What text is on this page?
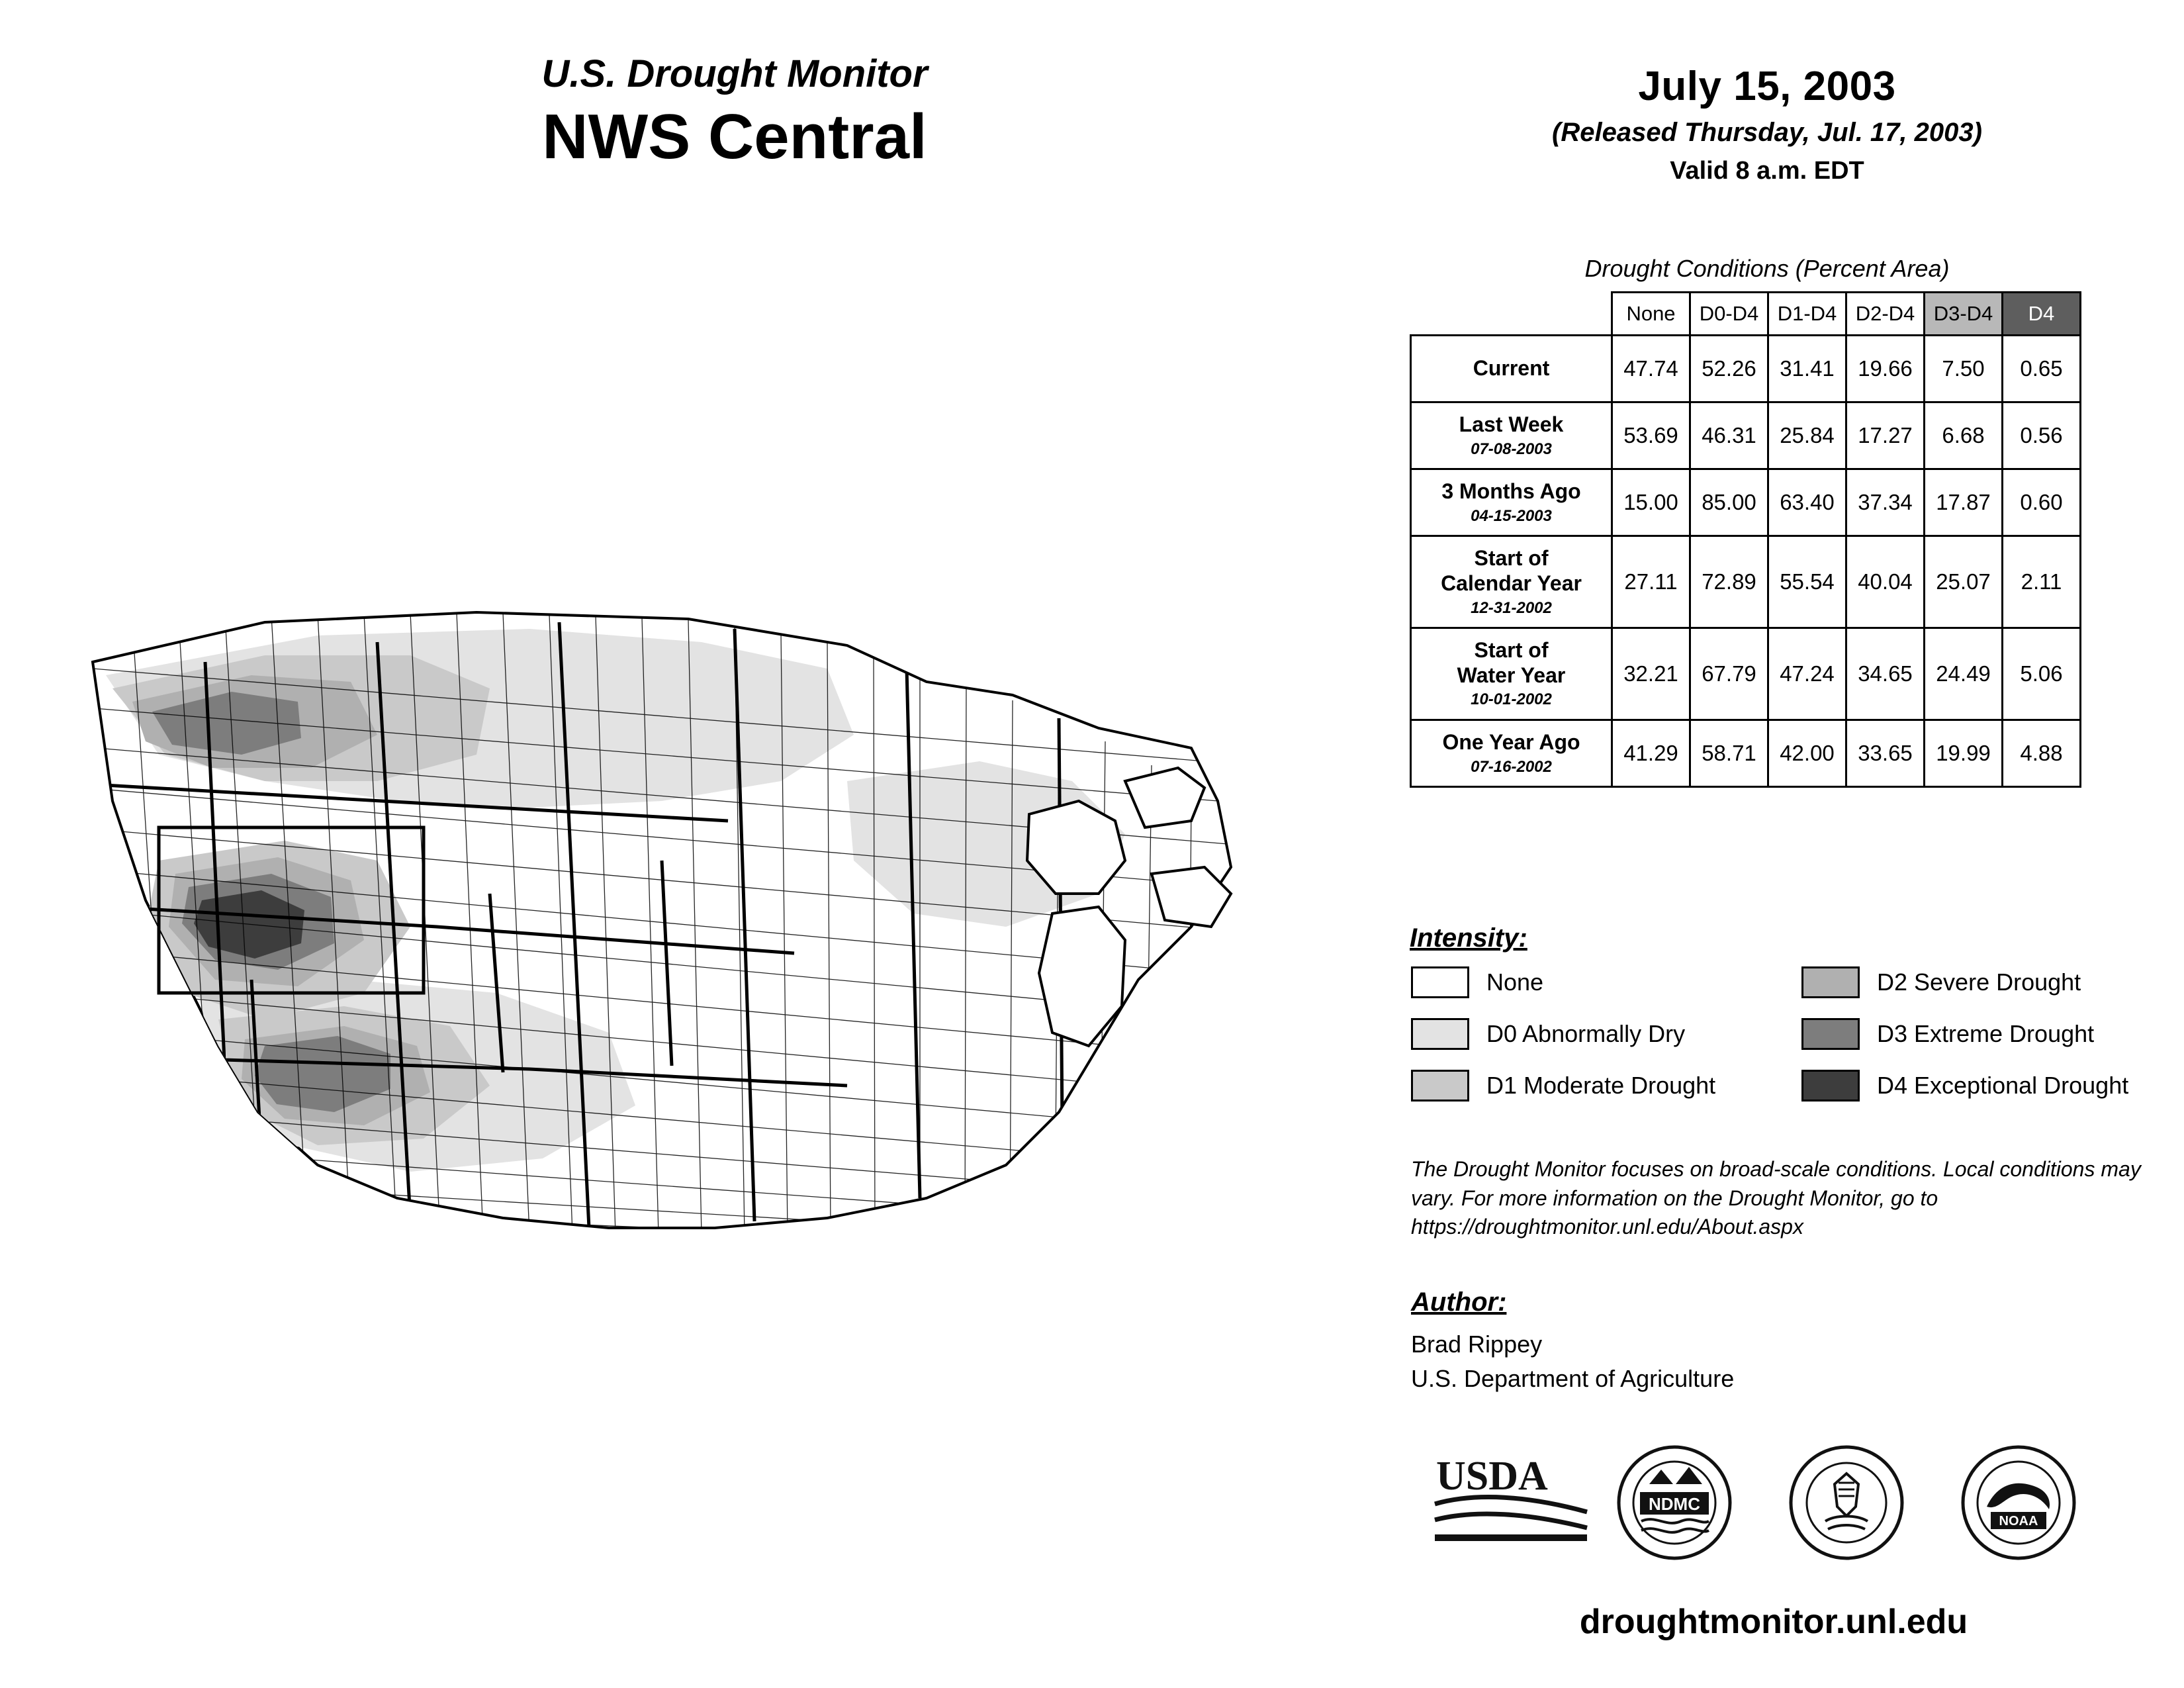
U.S. Drought Monitor
NWS Central
July 15, 2003
(Released Thursday, Jul. 17, 2003)
Valid 8 a.m. EDT
Drought Conditions (Percent Area)
	None	D0-D4	D1-D4	D2-D4	D3-D4	D4

Current	47.74	52.26	31.41	19.66	7.50	0.65

Last Week
07-08-2003	53.69	46.31	25.84	17.27	6.68	0.56

3 Months Ago
04-15-2003	15.00	85.00	63.40	37.34	17.87	0.60

Start of
Calendar Year
12-31-2002	27.11	72.89	55.54	40.04	25.07	2.11

Start of
Water Year
10-01-2002	32.21	67.79	47.24	34.65	24.49	5.06

One Year Ago
07-16-2002	41.29	58.71	42.00	33.65	19.99	4.88
Intensity:
None
D0 Abnormally Dry
D1 Moderate Drought
D2 Severe Drought
D3 Extreme Drought
D4 Exceptional Drought
The Drought Monitor focuses on broad-scale conditions. Local conditions may vary. For more information on the Drought Monitor, go to https://droughtmonitor.unl.edu/About.aspx
Author:
Brad Rippey
U.S. Department of Agriculture
USDA
NDMC
NOAA
droughtmonitor.unl.edu
